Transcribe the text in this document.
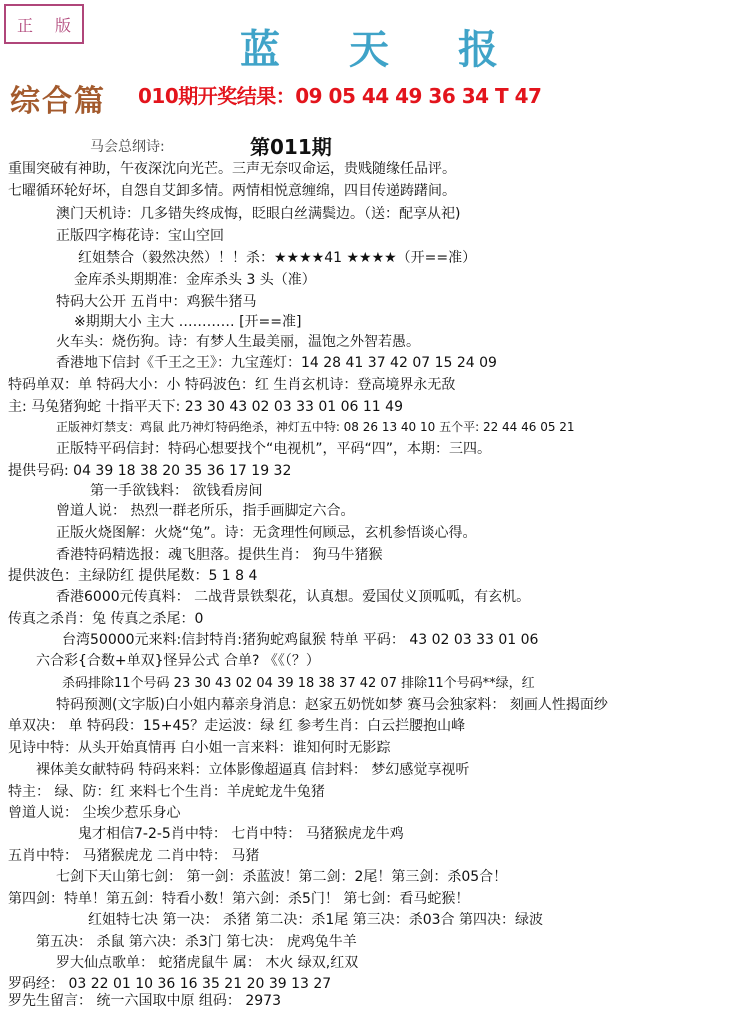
正 版
蓝 天 报
综合篇 010期开奖结果：09 05 44 49 36 34 T 47
第011期
马会总纲诗:
重围突破有神助，午夜深沈向光芒。三声无奈叹命运，贵贱随缘任品评。
七曜循环轮好坏，自怨自艾卸多情。两情相悦意缠绵，四目传递踌躇间。
澳门天机诗：几多错失终成悔，眨眼白丝满鬓边。（送：配享从祀)
正版四字梅花诗：宝山空回
红姐禁合（毅然决然）！！杀：★★★★41 ★★★★（开==准）
金库杀头期期准：金库杀头 3 头（准）
特码大公开 五肖中：鸡猴牛猪马
※期期大小 主大 ………… [开==准]
火车头：烧伤狗。诗：有梦人生最美丽，温饱之外智若愚。
香港地下信封《千王之王》：九宝莲灯：14 28 41 37 42 07 15 24 09
特码单双：单 特码大小：小 特码波色：红 生肖玄机诗：登高境界永无敌
主: 马兔猪狗蛇 十指平天下: 23 30 43 02 03 33 01 06 11 49
正版神灯禁支：鸡鼠 此乃神灯特码绝杀，神灯五中特: 08 26 13 40 10 五个平: 22 44 46 05 21
正版特平码信封：特码心想要找个“电视机”，平码“四”，本期：三四。
提供号码: 04 39 18 38 20 35 36 17 19 32
第一手欲钱料： 欲钱看房间
曾道人说： 热烈一群老所乐，指手画脚定六合。
正版火烧图解：火烧“兔”。诗：无贪理性何顾忌，玄机参悟谈心得。
香港特码精选报：魂飞胆落。提供生肖： 狗马牛猪猴
提供波色：主绿防红 提供尾数：5 1 8 4
香港6000元传真料： 二战背景铁梨花，认真想。爱国仗义顶呱呱，有玄机。
传真之杀肖：兔 传真之杀尾：0
台湾50000元来料:信封特肖:猪狗蛇鸡鼠猴 特单 平码： 43 02 03 33 01 06
六合彩{合数+单双}怪异公式 合单? 《《（？）
杀码排除11个号码 23 30 43 02 04 39 18 38 37 42 07 排除11个号码**绿，红
特码预测(文字版)白小姐内幕亲身消息：赵家五奶恍如梦 赛马会独家料： 刻画人性揭面纱
单双决： 单 特码段：15+45？走运波：绿 红 参考生肖：白云拦腰抱山峰
见诗中特：从头开始真情再 白小姐一言来料：谁知何时无影踪
裸体美女献特码 特码来料：立体影像超逼真 信封料： 梦幻感觉享视听
特主： 绿、防：红 来料七个生肖：羊虎蛇龙牛兔猪
曾道人说： 尘埃少惹乐身心
鬼才相信7-2-5肖中特： 七肖中特： 马猪猴虎龙牛鸡
五肖中特： 马猪猴虎龙 二肖中特： 马猪
七剑下天山第七剑： 第一剑：杀蓝波！第二剑：2尾！第三剑：杀05合！
第四剑：特单！第五剑：特看小数！第六剑：杀5门！ 第七剑：看马蛇猴！
红姐特七决 第一决： 杀猪 第二决：杀1尾 第三决：杀03合 第四决：绿波
第五决： 杀鼠 第六决：杀3门 第七决： 虎鸡兔牛羊
罗大仙点歌单： 蛇猪虎鼠牛 属： 木火 绿双,红双
罗码经： 03 22 01 10 36 16 35 21 20 39 13 27
罗先生留言： 统一六国取中原 组码： 2973
